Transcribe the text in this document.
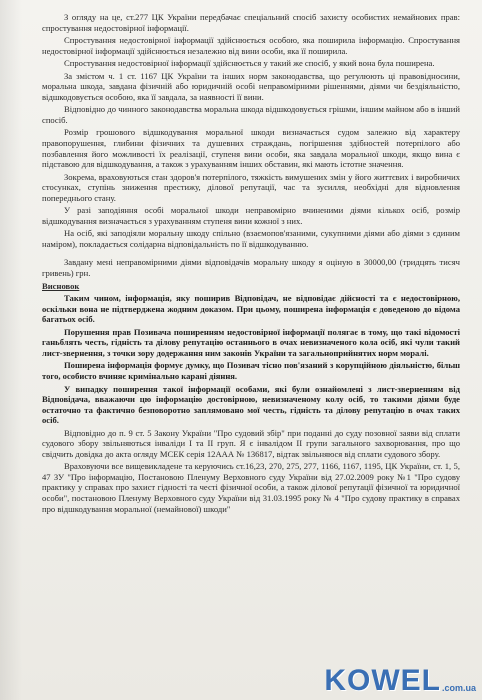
З огляду на це, ст.277 ЦК України передбачає спеціальний спосіб захисту особистих немайнових прав: спростування недостовірної інформації.

Спростування недостовірної інформації здійснюється особою, яка поширила інформацію. Спростування недостовірної інформації здійснюється незалежно від вини особи, яка її поширила.

Спростування недостовірної інформації здійснюється у такий же спосіб, у який вона була поширена.

За змістом ч. 1 ст. 1167 ЦК України та інших норм законодавства, що регулюють ці правовідносини, моральна шкода, завдана фізичній або юридичній особі неправомірними рішеннями, діями чи бездіяльністю, відшкодовується особою, яка її завдала, за наявності її вини.

Відповідно до чинного законодавства моральна шкода відшкодовується грішми, іншим майном або в інший спосіб.

Розмір грошового відшкодування моральної шкоди визначається судом залежно від характеру правопорушення, глибини фізичних та душевних страждань, погіршення здібностей потерпілого або позбавлення його можливості їх реалізації, ступеня вини особи, яка завдала моральної шкоди, якщо вина є підставою для відшкодування, а також з урахуванням інших обставин, які мають істотне значення.

Зокрема, враховуються стан здоров'я потерпілого, тяжкість вимушених змін у його життєвих і виробничих стосунках, ступінь зниження престижу, ділової репутації, час та зусилля, необхідні для відновлення попереднього стану.

У разі заподіяння особі моральної шкоди неправомірно вчиненими діями кількох осіб, розмір відшкодування визначається з урахуванням ступеня вини кожної з них.

На осіб, які заподіяли моральну шкоду спільно (взаємопов'язаними, сукупними діями або діями з єдиним наміром), покладається солідарна відповідальність по її відшкодуванню.

Завдану мені неправомірними діями відповідачів моральну шкоду я оціную в 30000,00 (тридцять тисяч гривень) грн.

Висновок

Таким чином, інформація, яку поширив Відповідач, не відповідає дійсності та є недостовірною, оскільки вона не підтверджена жодним доказом. При цьому, поширена інформація є доведеною до відома багатьох осіб.

Порушення прав Позивача поширенням недостовірної інформації полягає в тому, що такі відомості ганьблять честь, гідність та ділову репутацію останнього в очах невизначеного кола осіб, які чули такий лист-звернення, з точки зору додержання ним законів України та загальноприйнятих норм моралі.

Поширена інформація формує думку, що Позивач тісно пов'язаний з корупційною діяльністю, більш того, особисто вчиняє кримінально карані діяння.

У випадку поширення такої інформації особами, які були ознайомлені з лист-зверненням від Відповідача, вважаючи цю інформацію достовірною, невизначеному колу осіб, то такими діями буде остаточно та фактично безповоротно заплямовано мої честь, гідність та ділову репутацію в очах таких осіб.

Відповідно до п. 9 ст. 5 Закону України "Про судовий збір" при поданні до суду позовної заяви від сплати судового збору звільняються інваліди І та ІІ груп. Я є інвалідом ІІ групи загального захворювання, про що свідчить довідка до акта огляду МСЕК серія 12ААА № 136817, відтак звільняюся від сплати судового збору.

Враховуючи все вищевикладене та керуючись ст.16,23, 270, 275, 277, 1166, 1167, 1195, ЦК України, ст. 1, 5, 47 ЗУ "Про інформацію, Постановою Пленуму Верховного суду України від 27.02.2009 року №1 "Про судову практику у справах про захист гідності та честі фізичної особи, а також ділової репутації фізичної та юридичної особи", постановою Пленуму Верховного суду України від 31.03.1995 року № 4 "Про судову практику в справах про відшкодування моральної (немайнової) шкоди"

KOWEL .com.ua
